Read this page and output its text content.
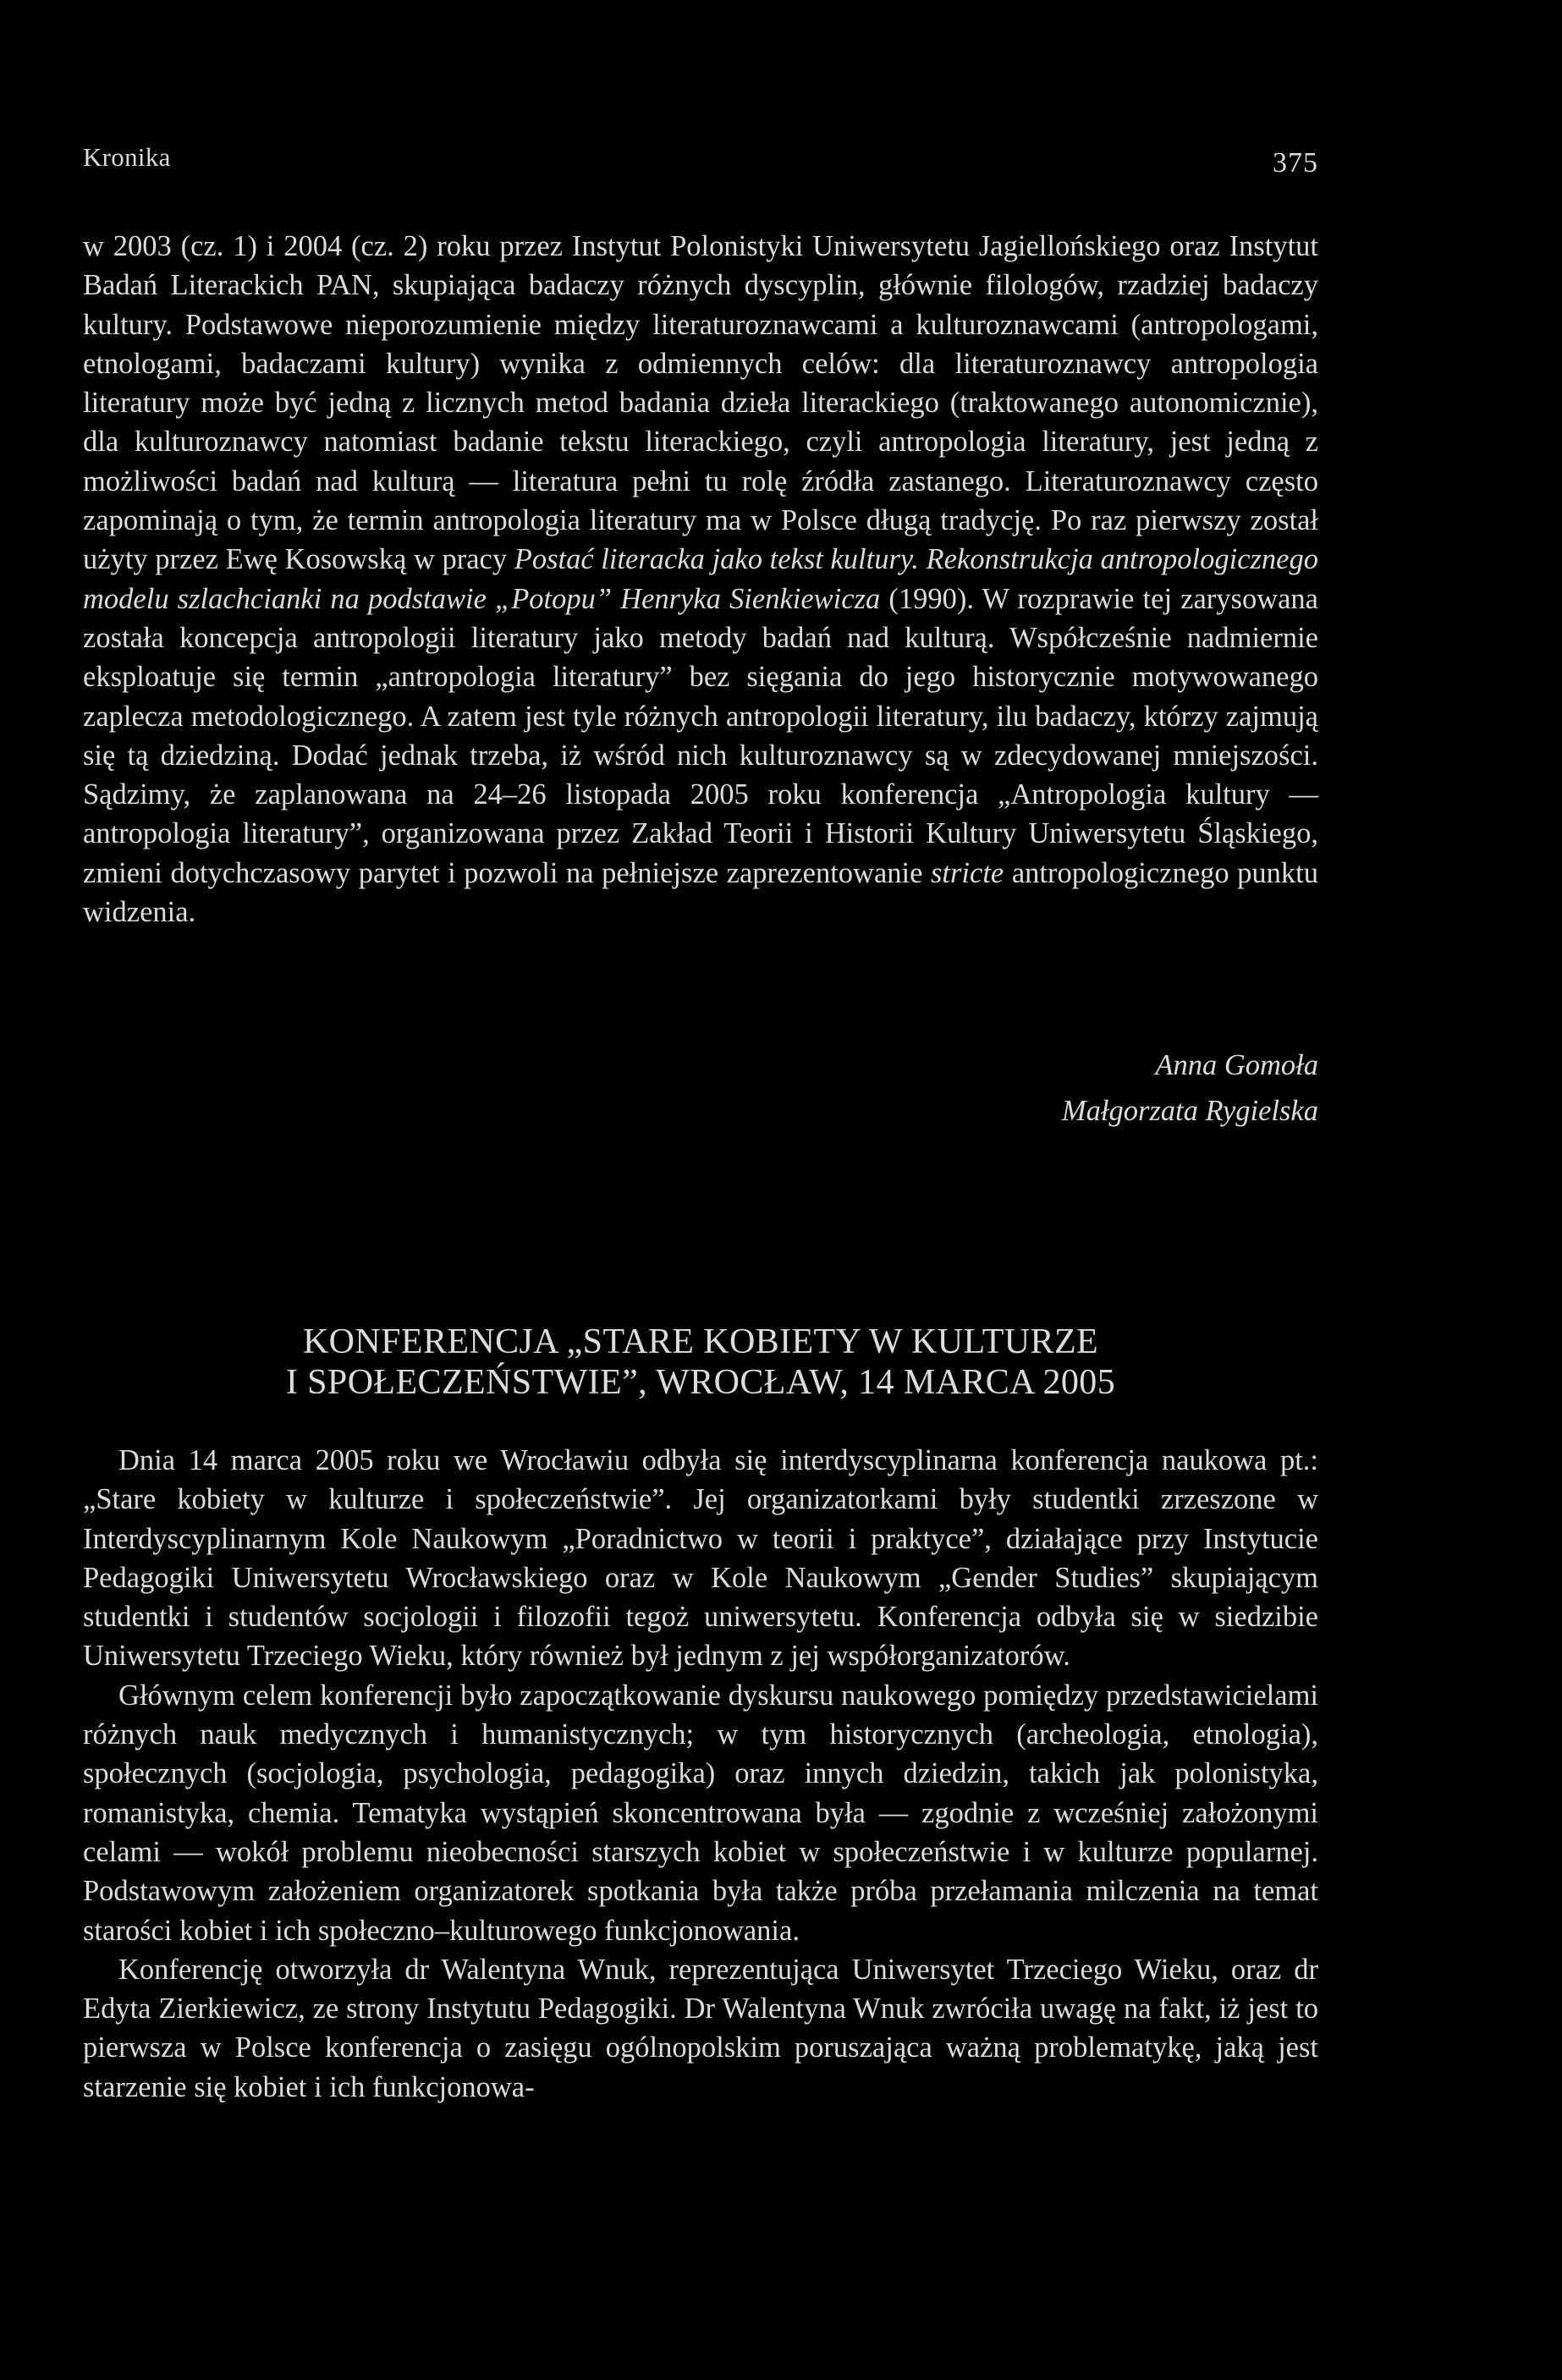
Kronika	375

w 2003 (cz. 1) i 2004 (cz. 2) roku przez Instytut Polonistyki Uniwersytetu Jagiellońskiego oraz Instytut Badań Literackich PAN, skupiająca badaczy różnych dyscyplin, głównie filologów, rzadziej badaczy kultury. Podstawowe nieporozumienie między literaturoznawcami a kulturoznawcami (antropologami, etnologami, badaczami kultury) wynika z odmiennych celów: dla literaturoznawcy antropologia literatury może być jedną z licznych metod badania dzieła literackiego (traktowanego autonomicznie), dla kulturoznawcy natomiast badanie tekstu literackiego, czyli antropologia literatury, jest jedną z możliwości badań nad kulturą — literatura pełni tu rolę źródła zastanego. Literaturoznawcy często zapominają o tym, że termin antropologia literatury ma w Polsce długą tradycję. Po raz pierwszy został użyty przez Ewę Kosowską w pracy Postać literacka jako tekst kultury. Rekonstrukcja antropologicznego modelu szlachcianki na podstawie „Potopu” Henryka Sienkiewicza (1990). W rozprawie tej zarysowana została koncepcja antropologii literatury jako metody badań nad kulturą. Współcześnie nadmiernie eksploatuje się termin „antropologia literatury” bez sięgania do jego historycznie motywowanego zaplecza metodologicznego. A zatem jest tyle różnych antropologii literatury, ilu badaczy, którzy zajmują się tą dziedziną. Dodać jednak trzeba, iż wśród nich kulturoznawcy są w zdecydowanej mniejszości. Sądzimy, że zaplanowana na 24–26 listopada 2005 roku konferencja „Antropologia kultury — antropologia literatury”, organizowana przez Zakład Teorii i Historii Kultury Uniwersytetu Śląskiego, zmieni dotychczasowy parytet i pozwoli na pełniejsze zaprezentowanie stricte antropologicznego punktu widzenia.

Anna Gomoła
Małgorzata Rygielska
KONFERENCJA „STARE KOBIETY W KULTURZE
I SPOŁECZEŃSTWIE”, WROCŁAW, 14 MARCA 2005

Dnia 14 marca 2005 roku we Wrocławiu odbyła się interdyscyplinarna konferencja naukowa pt.: „Stare kobiety w kulturze i społeczeństwie”. Jej organizatorkami były studentki zrzeszone w Interdyscyplinarnym Kole Naukowym „Poradnictwo w teorii i praktyce”, działające przy Instytucie Pedagogiki Uniwersytetu Wrocławskiego oraz w Kole Naukowym „Gender Studies” skupiającym studentki i studentów socjologii i filozofii tegoż uniwersytetu. Konferencja odbyła się w siedzibie Uniwersytetu Trzeciego Wieku, który również był jednym z jej współorganizatorów.

Głównym celem konferencji było zapoczątkowanie dyskursu naukowego pomiędzy przedstawicielami różnych nauk medycznych i humanistycznych; w tym historycznych (archeologia, etnologia), społecznych (socjologia, psychologia, pedagogika) oraz innych dziedzin, takich jak polonistyka, romanistyka, chemia. Tematyka wystąpień skoncentrowana była — zgodnie z wcześniej założonymi celami — wokół problemu nieobecności starszych kobiet w społeczeństwie i w kulturze popularnej. Podstawowym założeniem organizatorek spotkania była także próba przełamania milczenia na temat starości kobiet i ich społeczno–kulturowego funkcjonowania.

Konferencję otworzyła dr Walentyna Wnuk, reprezentująca Uniwersytet Trzeciego Wieku, oraz dr Edyta Zierkiewicz, ze strony Instytutu Pedagogiki. Dr Walentyna Wnuk zwróciła uwagę na fakt, iż jest to pierwsza w Polsce konferencja o zasięgu ogólnopolskim poruszająca ważną problematykę, jaką jest starzenie się kobiet i ich funkcjonowa-
